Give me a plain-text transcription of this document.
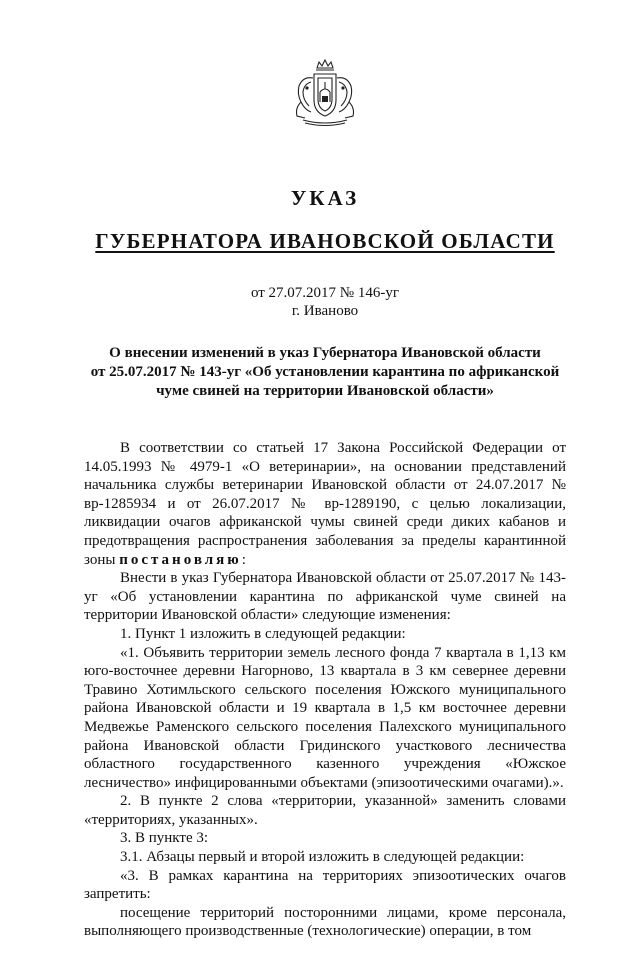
УКАЗ
ГУБЕРНАТОРА ИВАНОВСКОЙ ОБЛАСТИ
от 27.07.2017 № 146-уг
г. Иваново
О внесении изменений в указ Губернатора Ивановской области
от 25.07.2017 № 143-уг «Об установлении карантина по африканской
чуме свиней на территории Ивановской области»

В соответствии со статьей 17 Закона Российской Федерации от 14.05.1993 № 4979-1 «О ветеринарии», на основании представлений начальника службы ветеринарии Ивановской области от 24.07.2017 № вр-1285934 и от 26.07.2017 № вр-1289190, с целью локализации, ликвидации очагов африканской чумы свиней среди диких кабанов и предотвращения распространения заболевания за пределы карантинной зоны постановляю:

Внести в указ Губернатора Ивановской области от 25.07.2017 № 143-уг «Об установлении карантина по африканской чуме свиней на территории Ивановской области» следующие изменения:

1. Пункт 1 изложить в следующей редакции:

«1. Объявить территории земель лесного фонда 7 квартала в 1,13 км юго-восточнее деревни Нагорново, 13 квартала в 3 км севернее деревни Травино Хотимльского сельского поселения Южского муниципального района Ивановской области и 19 квартала в 1,5 км восточнее деревни Медвежье Раменского сельского поселения Палехского муниципального района Ивановской области Гридинского участкового лесничества областного государственного казенного учреждения «Южское лесничество» инфицированными объектами (эпизоотическими очагами).».

2. В пункте 2 слова «территории, указанной» заменить словами «территориях, указанных».

3. В пункте 3:

3.1. Абзацы первый и второй изложить в следующей редакции:

«3. В рамках карантина на территориях эпизоотических очагов запретить:

посещение территорий посторонними лицами, кроме персонала, выполняющего производственные (технологические) операции, в том
